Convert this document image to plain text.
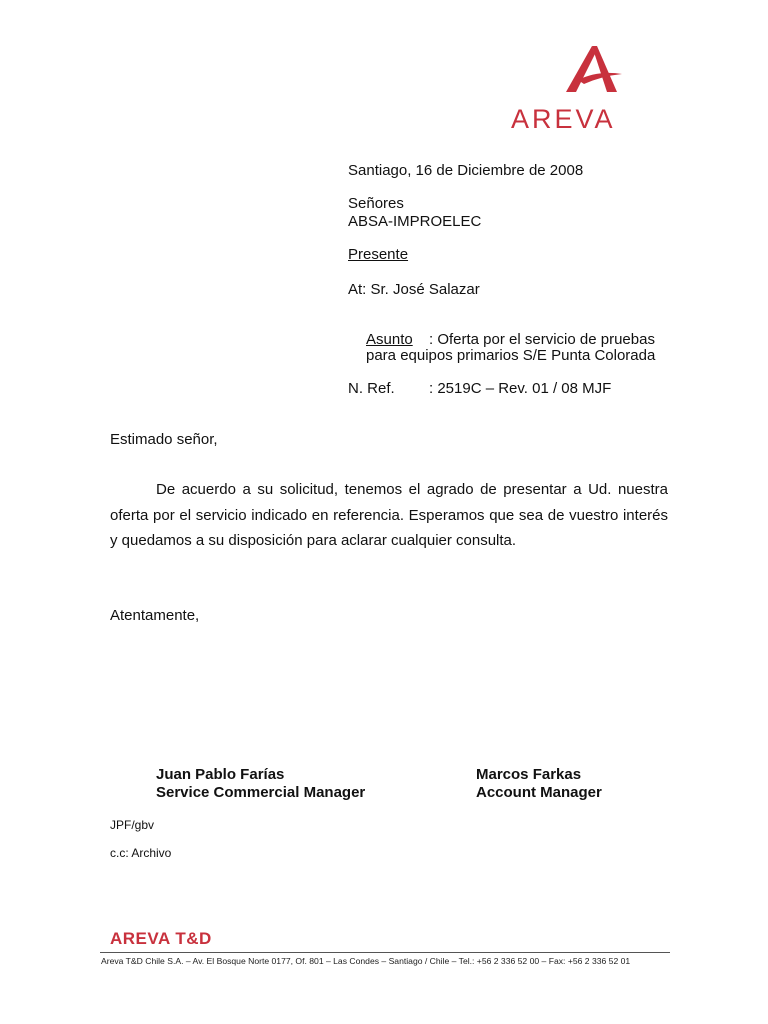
AREVA
Santiago, 16 de Diciembre de 2008
Señores
ABSA-IMPROELEC
Presente
At: Sr. José Salazar
Asunto : Oferta por el servicio de pruebas
para equipos primarios S/E Punta Colorada
N. Ref. : 2519C – Rev. 01 / 08 MJF
Estimado señor,
De acuerdo a su solicitud, tenemos el agrado de presentar a Ud. nuestra oferta por el servicio indicado en referencia. Esperamos que sea de vuestro interés y quedamos a su disposición para aclarar cualquier consulta.
Atentamente,
Juan Pablo Farías
Service Commercial Manager
Marcos Farkas
Account Manager
JPF/gbv
c.c: Archivo
AREVA T&D
Areva T&D Chile S.A. – Av. El Bosque Norte 0177, Of. 801 – Las Condes – Santiago / Chile – Tel.: +56 2 336 52 00 – Fax: +56 2 336 52 01
